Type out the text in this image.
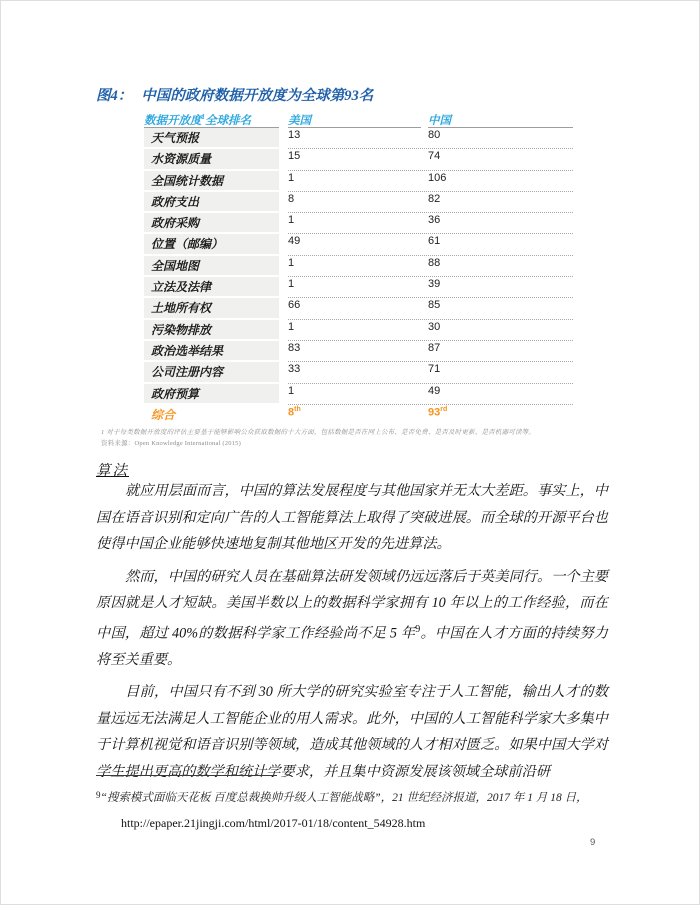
图4： 中国的政府数据开放度为全球第93名
数据开放度$^1$全球排名	美国	中国
天气预报	13	80
水资源质量	15	74
全国统计数据	1	106
政府支出	8	82
政府采购	1	36
位置（邮编）	49	61
全国地图	1	88
立法及法律	1	39
土地所有权	66	85
污染物排放	1	30
政治选举结果	83	87
公司注册内容	33	71
政府预算	1	49
综合	8th	93rd
1 对于每类数据开放度的评估主要基于能够影响公众获取数据的十大方面，包括数据是否在网上公布、是否免费、是否及时更新、是否机器可读等。
资料来源：Open Knowledge International (2015)
算法

就应用层面而言，中国的算法发展程度与其他国家并无太大差距。事实上，中国在语音识别和定向广告的人工智能算法上取得了突破进展。而全球的开源平台也使得中国企业能够快速地复制其他地区开发的先进算法。

然而，中国的研究人员在基础算法研发领域仍远远落后于英美同行。一个主要原因就是人才短缺。美国半数以上的数据科学家拥有 10 年以上的工作经验，而在中国，超过 40%的数据科学家工作经验尚不足 5 年$^9$。中国在人才方面的持续努力将至关重要。

目前，中国只有不到 30 所大学的研究实验室专注于人工智能，输出人才的数量远远无法满足人工智能企业的用人需求。此外，中国的人工智能科学家大多集中于计算机视觉和语音识别等领域，造成其他领域的人才相对匮乏。如果中国大学对学生提出更高的数学和统计学要求，并且集中资源发展该领域全球前沿研

$^9$“搜索模式面临天花板 百度总裁换帅升级人工智能战略”，21 世纪经济报道，2017 年 1 月 18 日，
http://epaper.21jingji.com/html/2017-01/18/content_54928.htm
9
